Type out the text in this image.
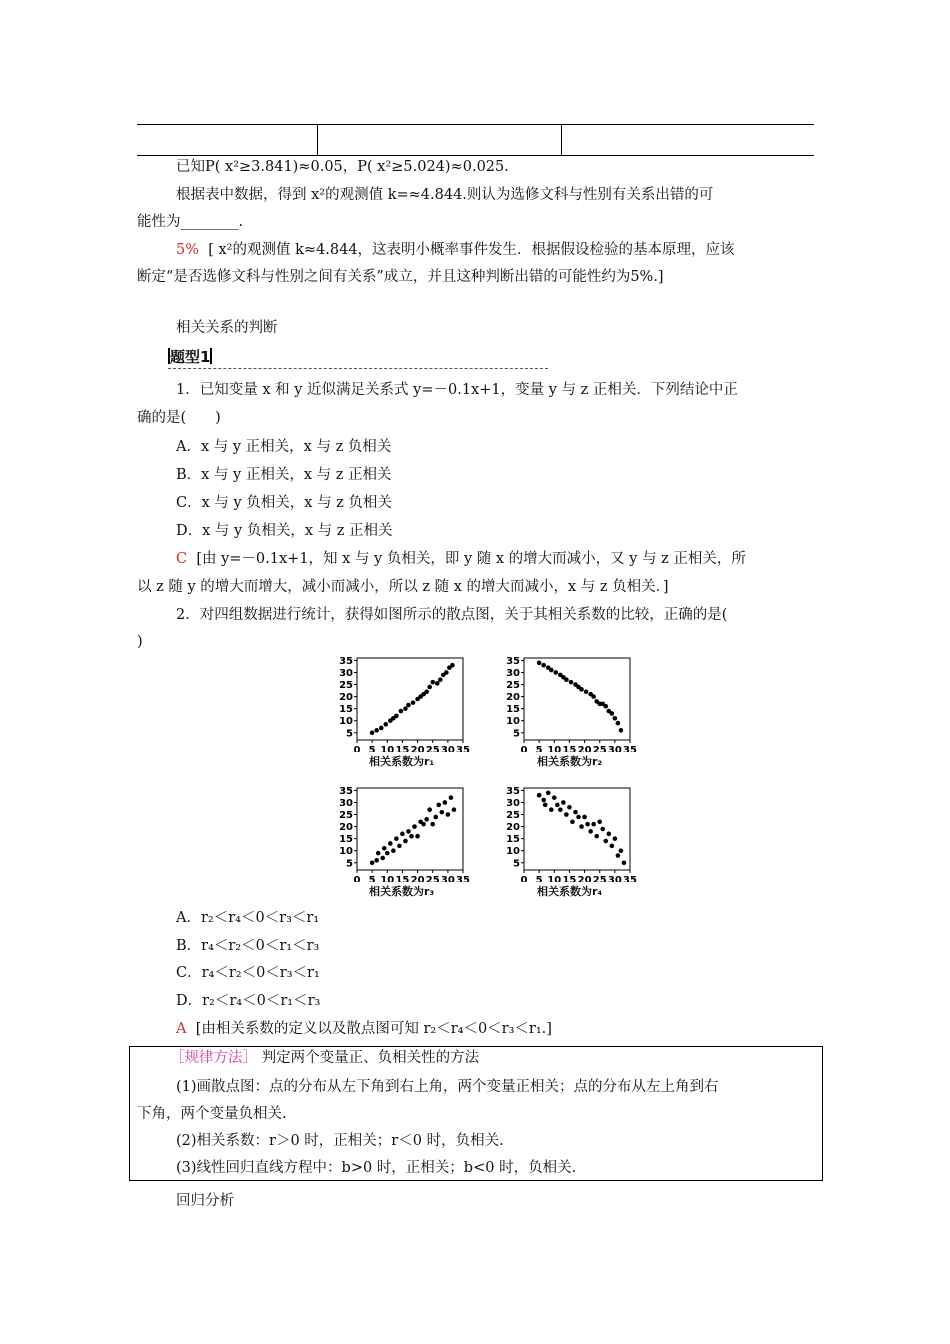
已知P( x²≥3.841)≈0.05，P( x²≥5.024)≈0.025.
根据表中数据，得到 x²的观测值 k=≈4.844.则认为选修文科与性别有关系出错的可
能性为________.
5% [ x²的观测值 k≈4.844，这表明小概率事件发生．根据假设检验的基本原理，应该
断定“是否选修文科与性别之间有关系”成立，并且这种判断出错的可能性约为5%.]
相关关系的判断
题型1
1．已知变量 x 和 y 近似满足关系式 y=－0.1x+1，变量 y 与 z 正相关．下列结论中正
确的是(　　)
A．x 与 y 正相关，x 与 z 负相关
B．x 与 y 正相关，x 与 z 正相关
C．x 与 y 负相关，x 与 z 负相关
D．x 与 y 负相关，x 与 z 正相关
C [由 y=－0.1x+1，知 x 与 y 负相关，即 y 随 x 的增大而减小，又 y 与 z 正相关，所
以 z 随 y 的增大而增大，减小而减小，所以 z 随 x 的增大而减小，x 与 z 负相关．]
2．对四组数据进行统计，获得如图所示的散点图，关于其相关系数的比较，正确的是(
)
5
10
15
20
25
30
35
0 5 10 15 20 25 30 35
5
10
15
20
25
30
35
0 5 10 15 20 25 30 35
5
10
15
20
25
30
35
0 5 10 15 20 25 30 35
5
10
15
20
25
30
35
0 5 10 15 20 25 30 35
相关系数为r₁	相关系数为r₂
相关系数为r₃	相关系数为r₄
A．r₂＜r₄＜0＜r₃＜r₁
B．r₄＜r₂＜0＜r₁＜r₃
C．r₄＜r₂＜0＜r₃＜r₁
D．r₂＜r₄＜0＜r₁＜r₃
A [由相关系数的定义以及散点图可知 r₂＜r₄＜0＜r₃＜r₁.]
［规律方法］ 判定两个变量正、负相关性的方法
(1)画散点图：点的分布从左下角到右上角，两个变量正相关；点的分布从左上角到右
下角，两个变量负相关.
(2)相关系数：r＞0 时，正相关；r＜0 时，负相关.
(3)线性回归直线方程中：b>0 时，正相关；b<0 时，负相关.
回归分析
